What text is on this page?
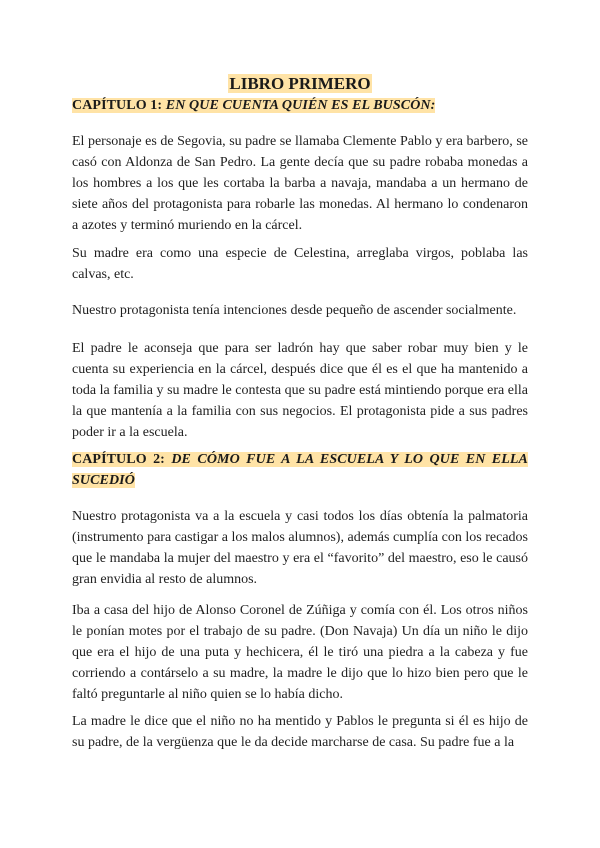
LIBRO PRIMERO
CAPÍTULO 1: EN QUE CUENTA QUIÉN ES EL BUSCÓN:

El personaje es de Segovia, su padre se llamaba Clemente Pablo y era barbero, se casó con Aldonza de San Pedro. La gente decía que su padre robaba monedas a los hombres a los que les cortaba la barba a navaja, mandaba a un hermano de siete años del protagonista para robarle las monedas. Al hermano lo condenaron a azotes y terminó muriendo en la cárcel.

Su madre era como una especie de Celestina, arreglaba virgos, poblaba las calvas, etc.

Nuestro protagonista tenía intenciones desde pequeño de ascender socialmente.

El padre le aconseja que para ser ladrón hay que saber robar muy bien y le cuenta su experiencia en la cárcel, después dice que él es el que ha mantenido a toda la familia y su madre le contesta que su padre está mintiendo porque era ella la que mantenía a la familia con sus negocios. El protagonista pide a sus padres poder ir a la escuela.

CAPÍTULO 2: DE CÓMO FUE A LA ESCUELA Y LO QUE EN ELLA SUCEDIÓ

Nuestro protagonista va a la escuela y casi todos los días obtenía la palmatoria (instrumento para castigar a los malos alumnos), además cumplía con los recados que le mandaba la mujer del maestro y era el “favorito” del maestro, eso le causó gran envidia al resto de alumnos.

Iba a casa del hijo de Alonso Coronel de Zúñiga y comía con él. Los otros niños le ponían motes por el trabajo de su padre. (Don Navaja) Un día un niño le dijo que era el hijo de una puta y hechicera, él le tiró una piedra a la cabeza y fue corriendo a contárselo a su madre, la madre le dijo que lo hizo bien pero que le faltó preguntarle al niño quien se lo había dicho.

La madre le dice que el niño no ha mentido y Pablos le pregunta si él es hijo de su padre, de la vergüenza que le da decide marcharse de casa. Su padre fue a la
